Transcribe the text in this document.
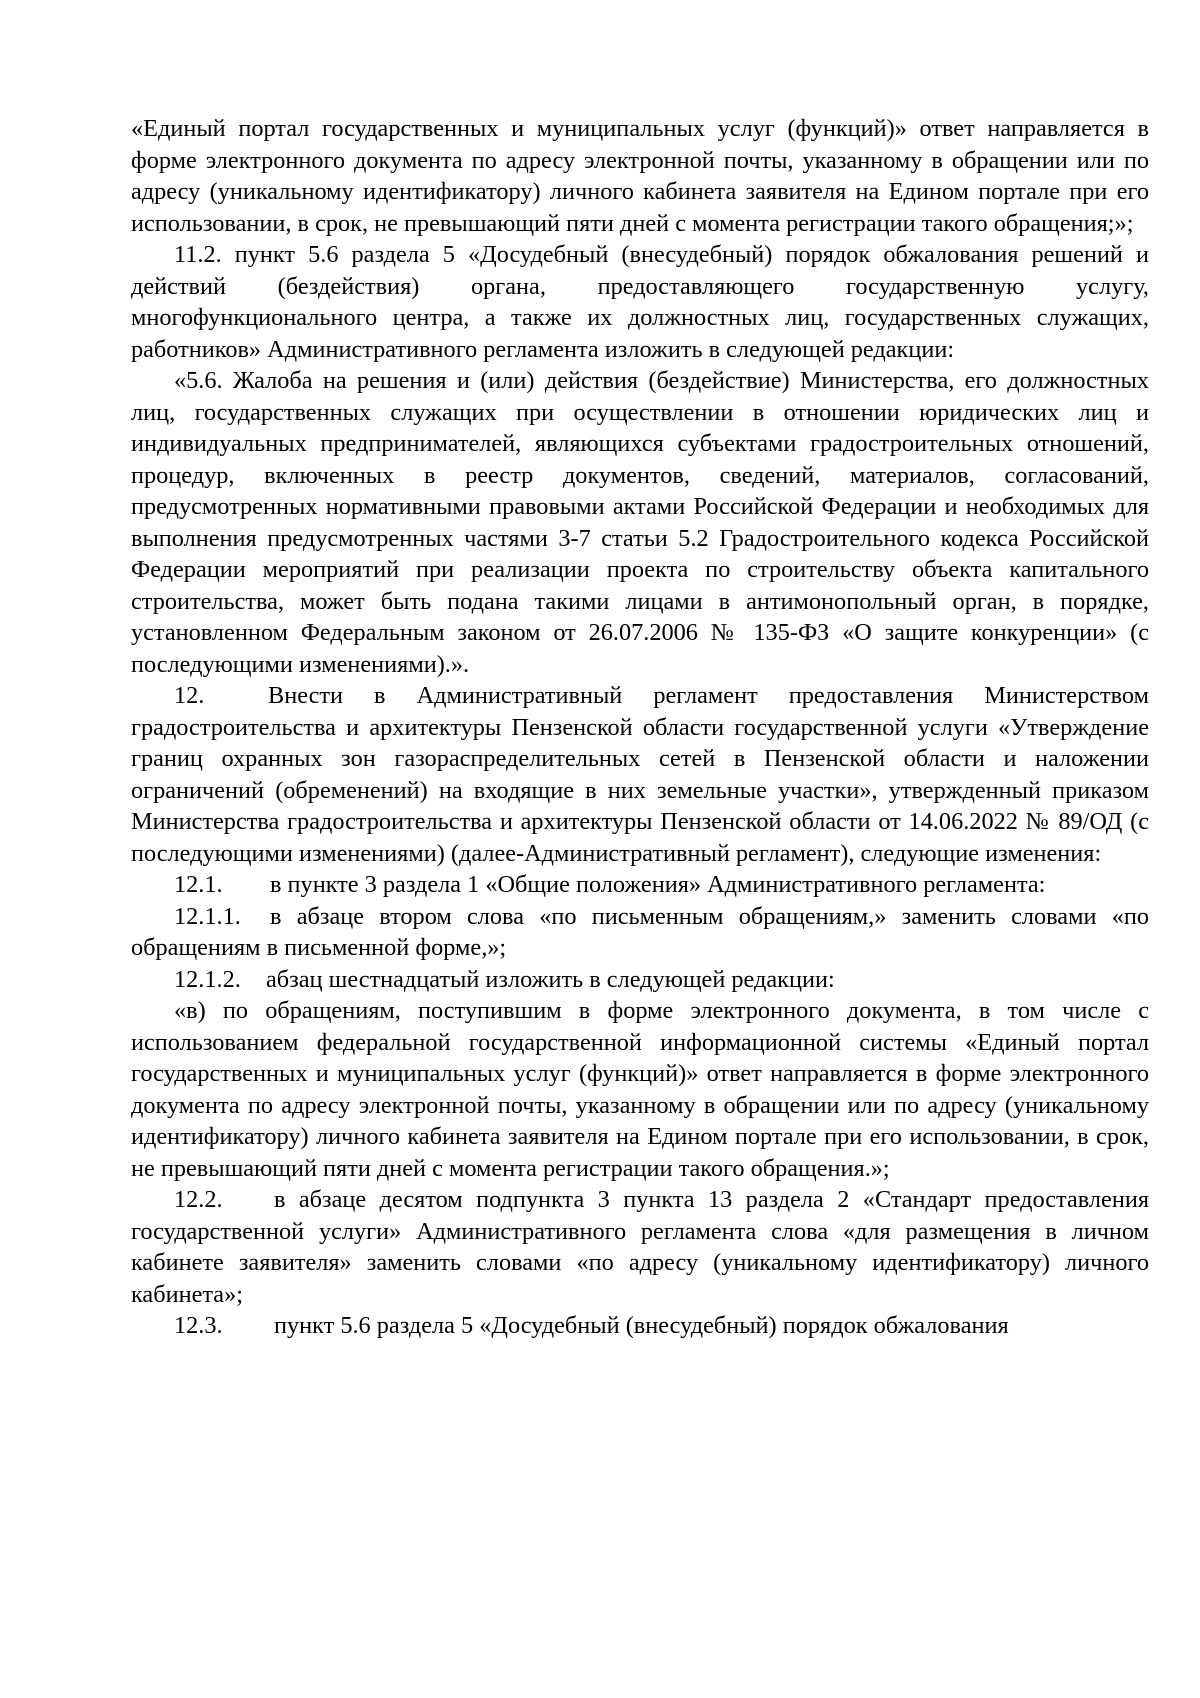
«Единый портал государственных и муниципальных услуг (функций)» ответ направляется в форме электронного документа по адресу электронной почты, указанному в обращении или по адресу (уникальному идентификатору) личного кабинета заявителя на Едином портале при его использовании, в срок, не превышающий пяти дней с момента регистрации такого обращения;»;

11.2. пункт 5.6 раздела 5 «Досудебный (внесудебный) порядок обжалования решений и действий (бездействия) органа, предоставляющего государственную услугу, многофункционального центра, а также их должностных лиц, государственных служащих, работников» Административного регламента изложить в следующей редакции:

«5.6. Жалоба на решения и (или) действия (бездействие) Министерства, его должностных лиц, государственных служащих при осуществлении в отношении юридических лиц и индивидуальных предпринимателей, являющихся субъектами градостроительных отношений, процедур, включенных в реестр документов, сведений, материалов, согласований, предусмотренных нормативными правовыми актами Российской Федерации и необходимых для выполнения предусмотренных частями 3-7 статьи 5.2 Градостроительного кодекса Российской Федерации мероприятий при реализации проекта по строительству объекта капитального строительства, может быть подана такими лицами в антимонопольный орган, в порядке, установленном Федеральным законом от 26.07.2006 № 135-ФЗ «О защите конкуренции» (с последующими изменениями).».

12.	Внести в Административный регламент предоставления Министерством градостроительства и архитектуры Пензенской области государственной услуги «Утверждение границ охранных зон газораспределительных сетей в Пензенской области и наложении ограничений (обременений) на входящие в них земельные участки», утвержденный приказом Министерства градостроительства и архитектуры Пензенской области от 14.06.2022 № 89/ОД (с последующими изменениями) (далее-Административный регламент), следующие изменения:

12.1. в пункте 3 раздела 1 «Общие положения» Административного регламента:

12.1.1. в абзаце втором слова «по письменным обращениям,» заменить словами «по обращениям в письменной форме,»;

12.1.2. абзац шестнадцатый изложить в следующей редакции:

«в) по обращениям, поступившим в форме электронного документа, в том числе с использованием федеральной государственной информационной системы «Единый портал государственных и муниципальных услуг (функций)» ответ направляется в форме электронного документа по адресу электронной почты, указанному в обращении или по адресу (уникальному идентификатору) личного кабинета заявителя на Едином портале при его использовании, в срок, не превышающий пяти дней с момента регистрации такого обращения.»;

12.2. в абзаце десятом подпункта 3 пункта 13 раздела 2 «Стандарт предоставления государственной услуги» Административного регламента слова «для размещения в личном кабинете заявителя» заменить словами «по адресу (уникальному идентификатору) личного кабинета»;

12.3. пункт 5.6 раздела 5 «Досудебный (внесудебный) порядок обжалования
